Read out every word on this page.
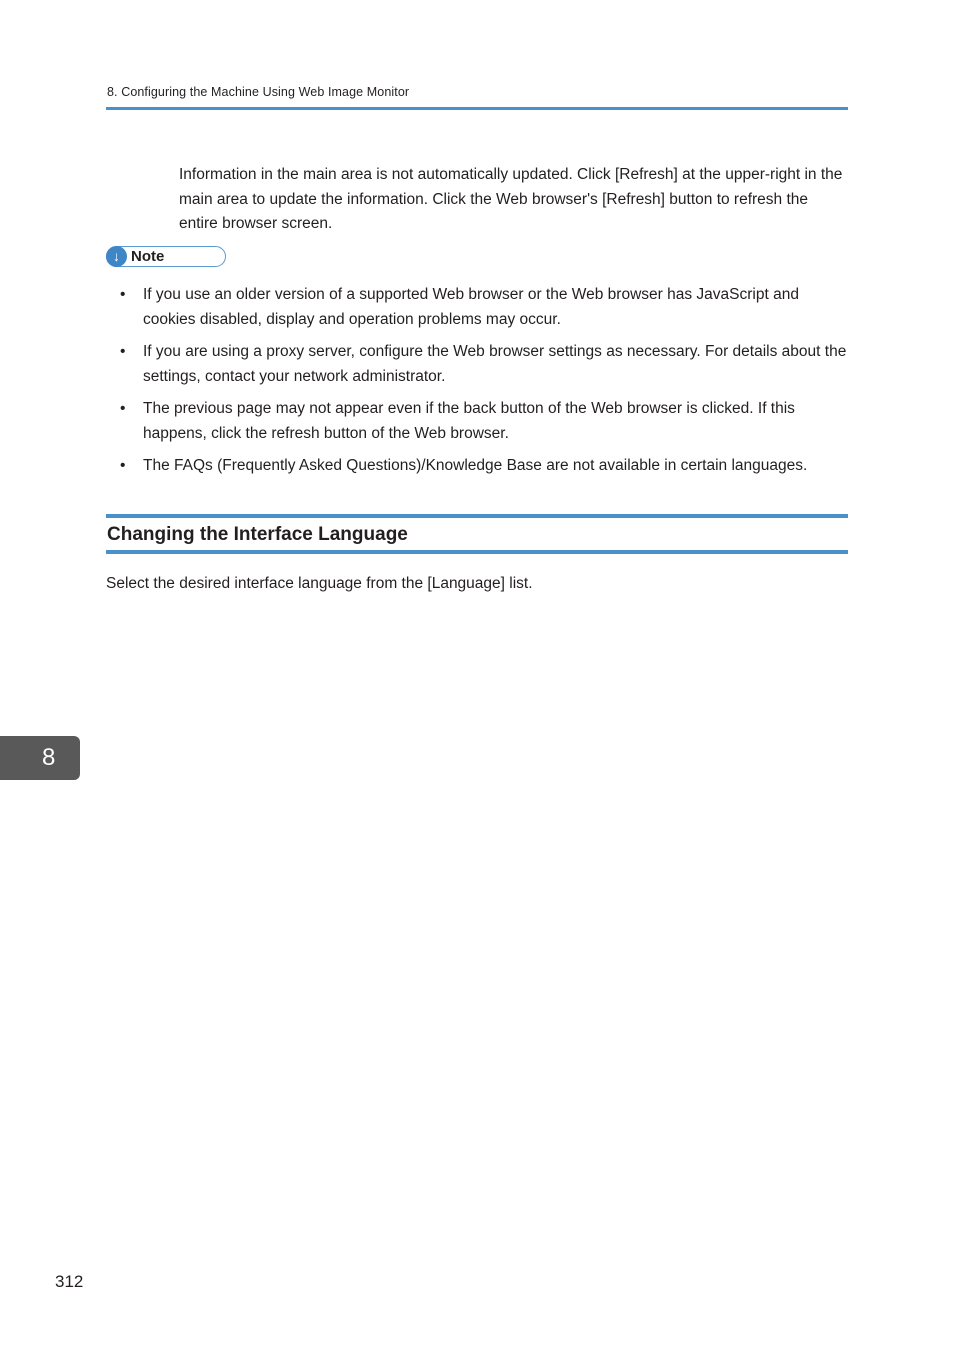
8. Configuring the Machine Using Web Image Monitor

Information in the main area is not automatically updated. Click [Refresh] at the upper-right in the main area to update the information. Click the Web browser's [Refresh] button to refresh the entire browser screen.

↓ Note
• If you use an older version of a supported Web browser or the Web browser has JavaScript and cookies disabled, display and operation problems may occur.
• If you are using a proxy server, configure the Web browser settings as necessary. For details about the settings, contact your network administrator.
• The previous page may not appear even if the back button of the Web browser is clicked. If this happens, click the refresh button of the Web browser.
• The FAQs (Frequently Asked Questions)/Knowledge Base are not available in certain languages.
Changing the Interface Language
Select the desired interface language from the [Language] list.
8
312
